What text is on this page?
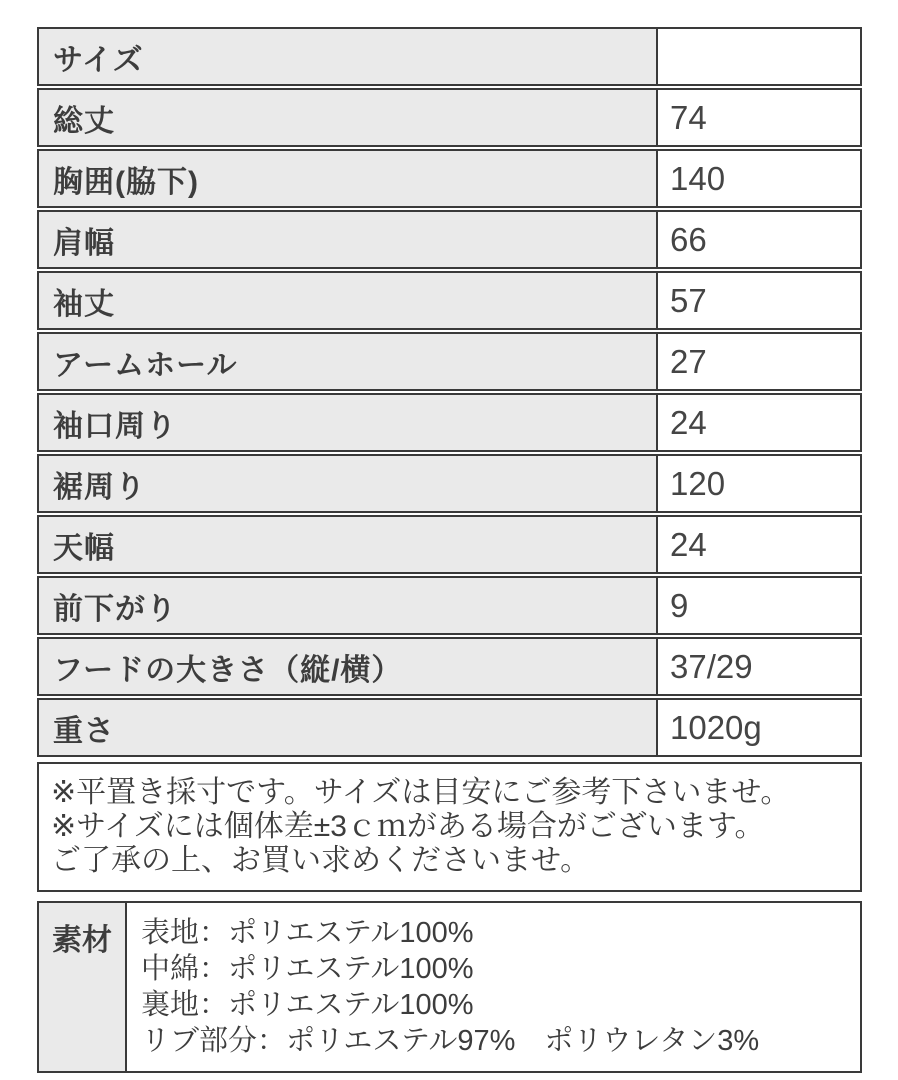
サイズ
総丈	74
胸囲(脇下)	140
肩幅	66
袖丈	57
アームホール	27
袖口周り	24
裾周り	120
天幅	24
前下がり	9
フードの大きさ（縦/横）	37/29
重さ	1020g
※平置き採寸です。サイズは目安にご参考下さいませ。
※サイズには個体差±3ｃｍがある場合がございます。
ご了承の上、お買い求めくださいませ。
素材	表地：ポリエステル100%
中綿：ポリエステル100%
裏地：ポリエステル100%
リブ部分：ポリエステル97%　ポリウレタン3%
